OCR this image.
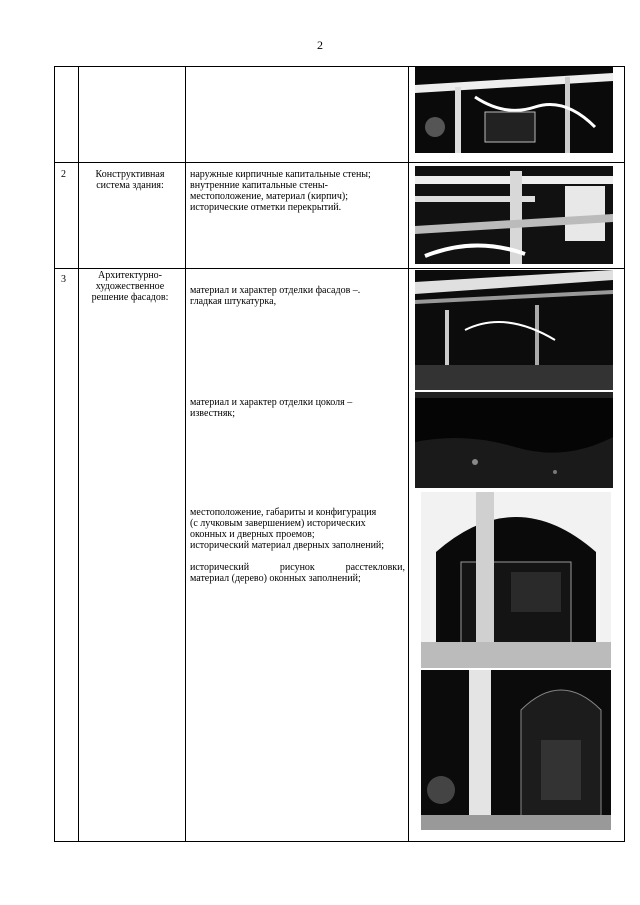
2
2	Конструктивная система здания:

наружные кирпичные капитальные стены;

внутренние капитальные стены-

местоположение, материал (кирпич);

исторические отметки перекрытий.

3	Архитектурно-художественное решение фасадов:

материал и характер отделки фасадов –.

гладкая штукатурка,

материал и характер отделки цоколя –

известняк;

местоположение, габариты и конфигурация

(с лучковым завершением) исторических

оконных и дверных проемов;

исторический материал дверных заполнений;

исторический рисунок расстекловки,

материал (дерево) оконных заполнений;
